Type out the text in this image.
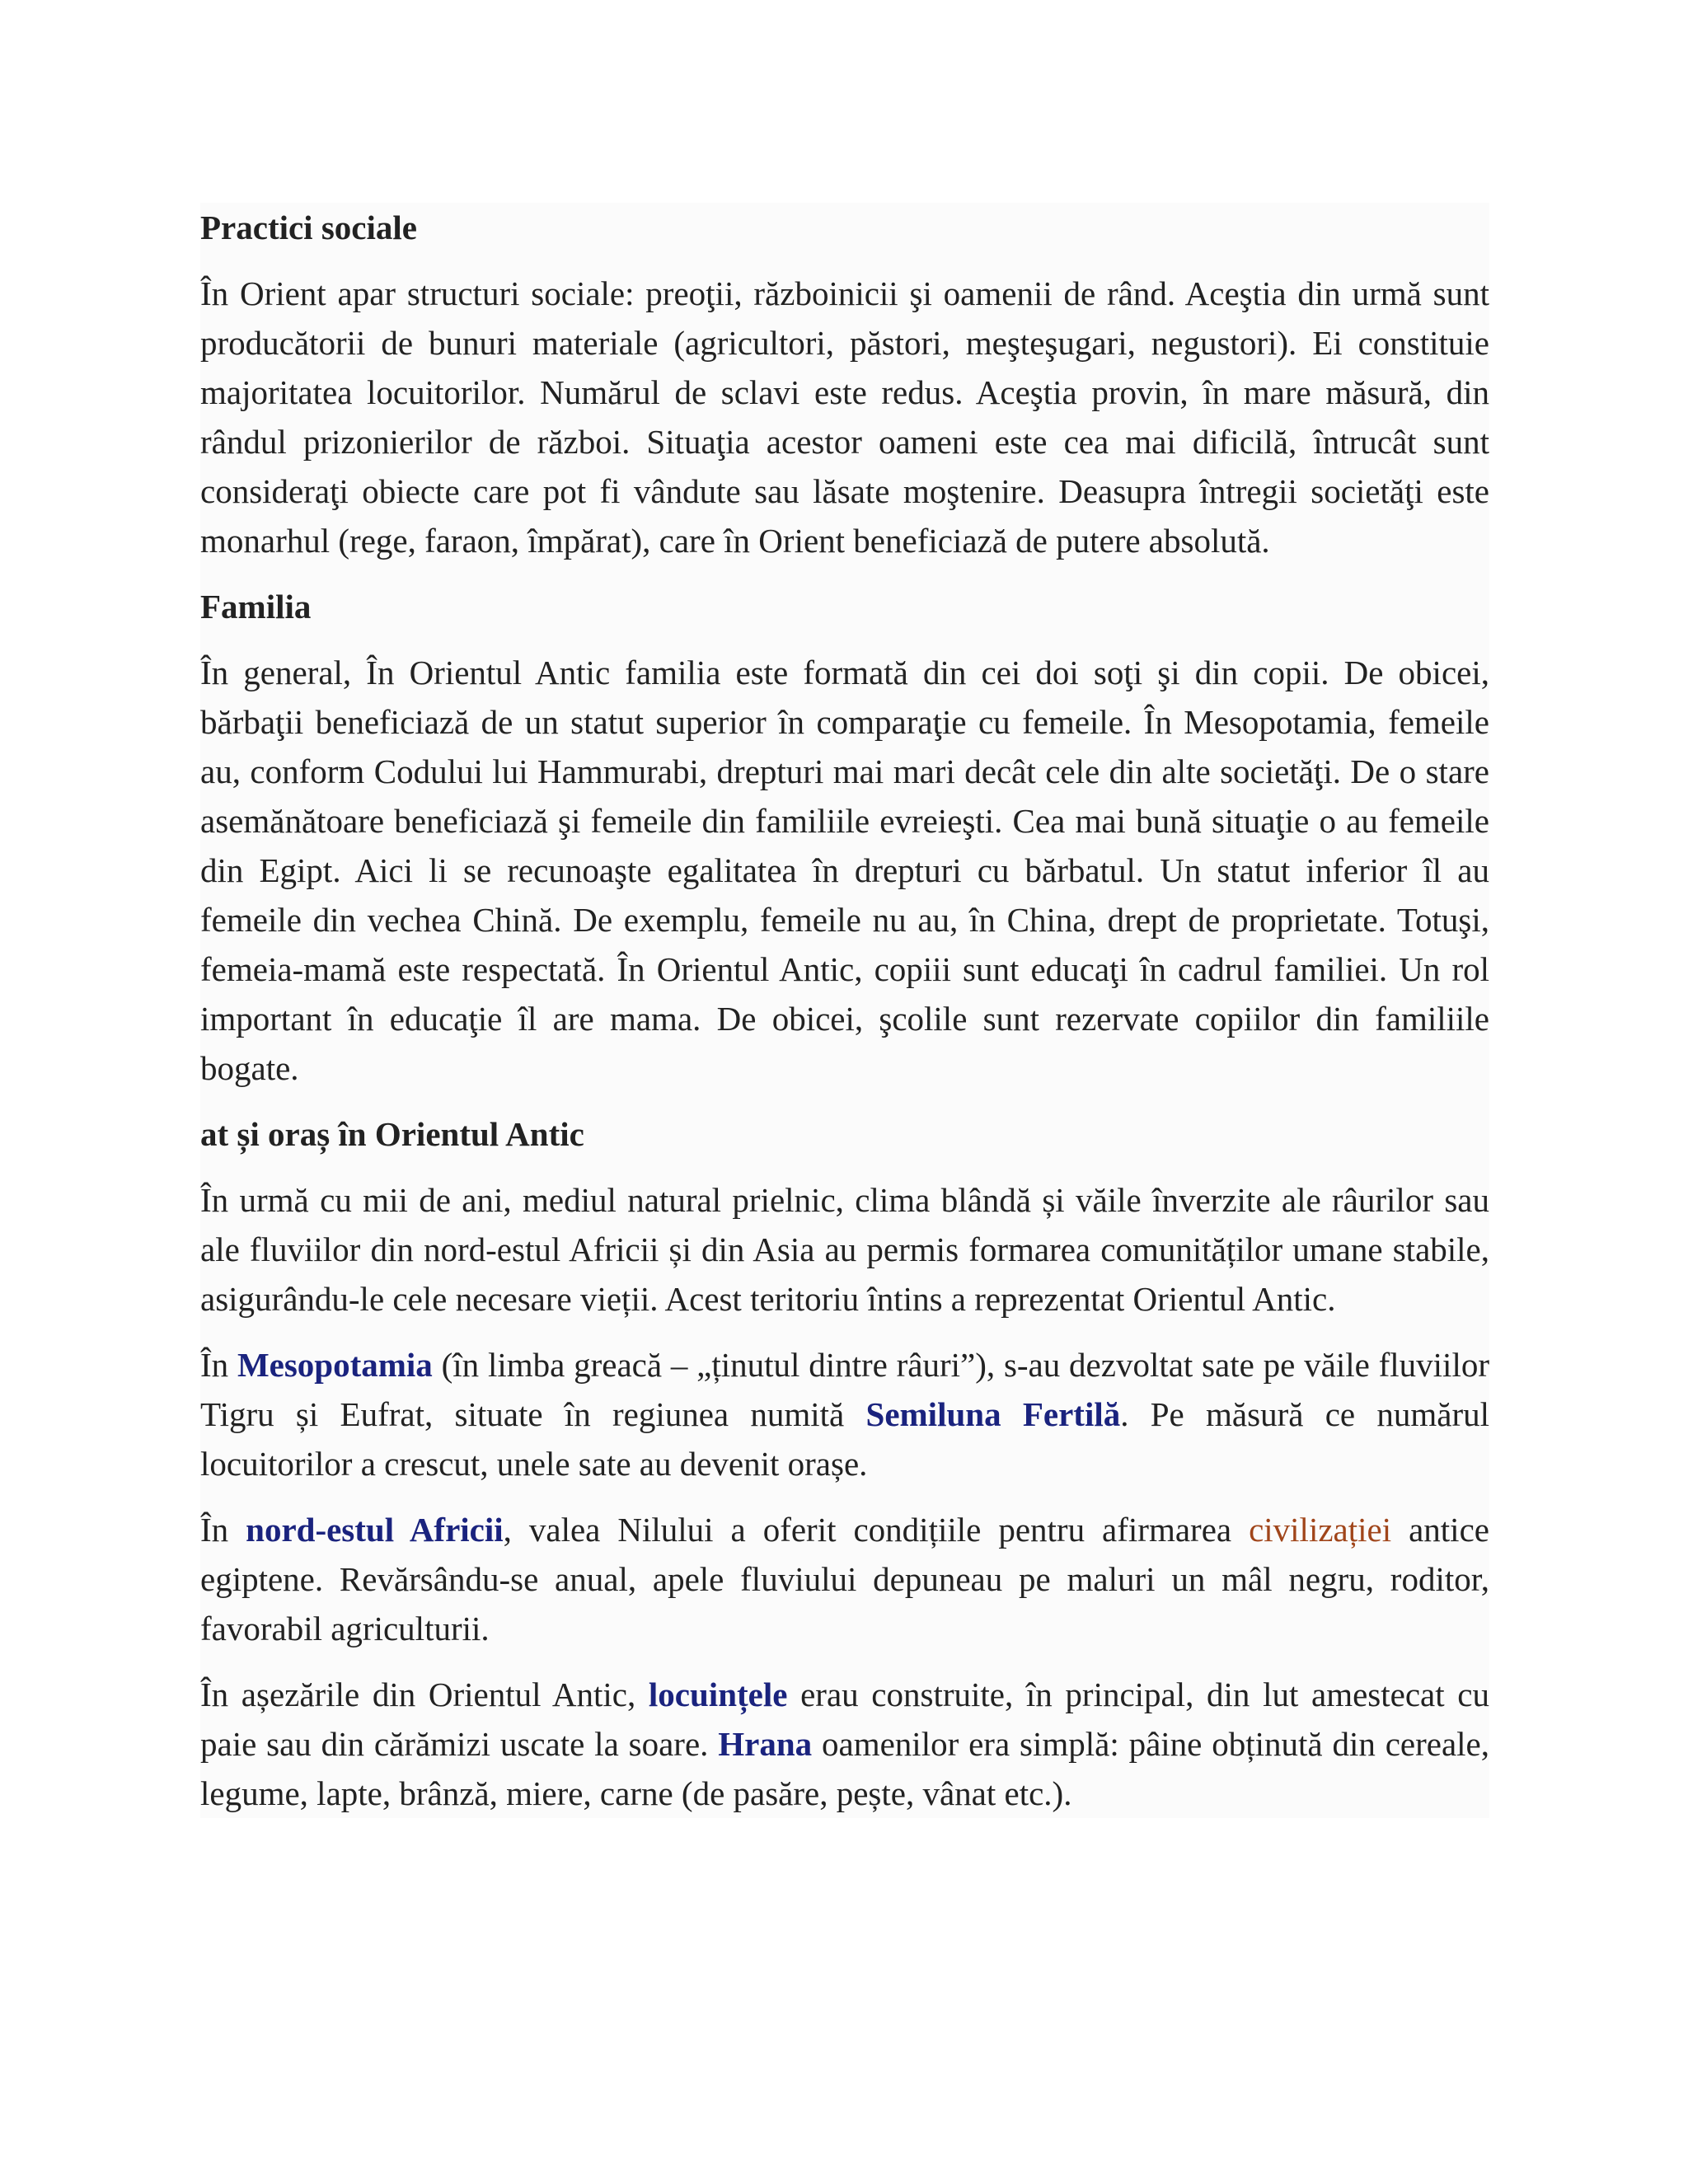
Practici sociale

În Orient apar structuri sociale: preoţii, războinicii şi oamenii de rând. Aceştia din urmă sunt producătorii de bunuri materiale (agricultori, păstori, meşteşugari, negustori). Ei constituie majoritatea locuitorilor. Numărul de sclavi este redus. Aceştia provin, în mare măsură, din rândul prizonierilor de război. Situaţia acestor oameni este cea mai dificilă, întrucât sunt consideraţi obiecte care pot fi vândute sau lăsate moştenire. Deasupra întregii societăţi este monarhul (rege, faraon, împărat), care în Orient beneficiază de putere absolută.

Familia

În general, În Orientul Antic familia este formată din cei doi soţi şi din copii. De obicei, bărbaţii beneficiază de un statut superior în comparaţie cu femeile. În Mesopotamia, femeile au, conform Codului lui Hammurabi, drepturi mai mari decât cele din alte societăţi. De o stare asemănătoare beneficiază şi femeile din familiile evreieşti. Cea mai bună situaţie o au femeile din Egipt. Aici li se recunoaşte egalitatea în drepturi cu bărbatul. Un statut inferior îl au femeile din vechea Chină. De exemplu, femeile nu au, în China, drept de proprietate. Totuşi, femeia-mamă este respectată. În Orientul Antic, copiii sunt educaţi în cadrul familiei. Un rol important în educaţie îl are mama. De obicei, şcolile sunt rezervate copiilor din familiile bogate.

at și oraș în Orientul Antic

În urmă cu mii de ani, mediul natural prielnic, clima blândă și văile înverzite ale râurilor sau ale fluviilor din nord-estul Africii și din Asia au permis formarea comunităților umane stabile, asigurându-le cele necesare vieții. Acest teritoriu întins a reprezentat Orientul Antic.

În Mesopotamia (în limba greacă – „ținutul dintre râuri”), s-au dezvoltat sate pe văile fluviilor Tigru și Eufrat, situate în regiunea numită Semiluna Fertilă. Pe măsură ce numărul locuitorilor a crescut, unele sate au devenit orașe.

În nord-estul Africii, valea Nilului a oferit condițiile pentru afirmarea civilizației antice egiptene. Revărsându-se anual, apele fluviului depuneau pe maluri un mâl negru, roditor, favorabil agriculturii.

În așezările din Orientul Antic, locuințele erau construite, în principal, din lut amestecat cu paie sau din cărămizi uscate la soare. Hrana oamenilor era simplă: pâine obținută din cereale, legume, lapte, brânză, miere, carne (de pasăre, pește, vânat etc.).
